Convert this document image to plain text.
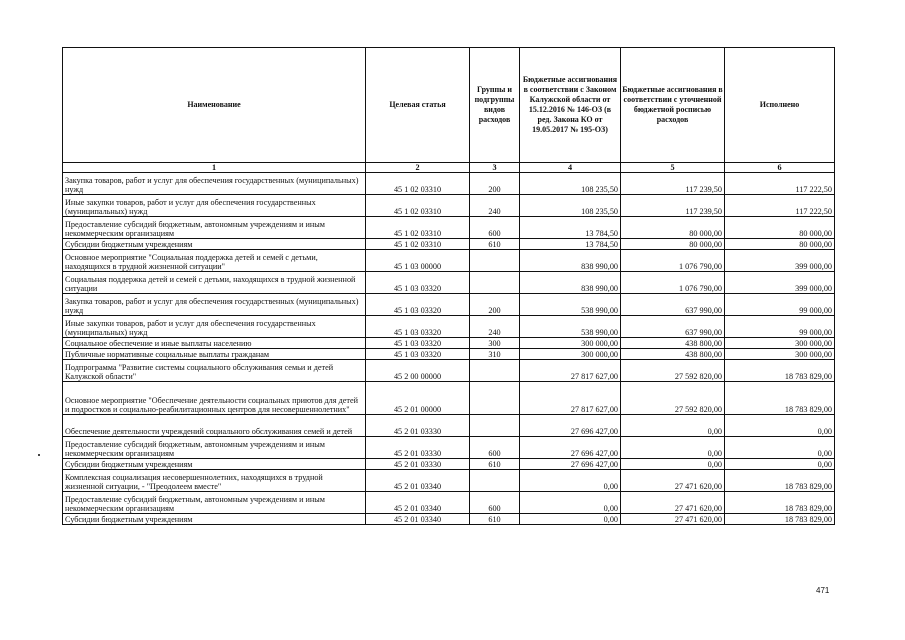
Наименование	Целевая статья	Группы и подгруппы видов расходов	Бюджетные ассигнования в соответствии с Законом Калужской области от 15.12.2016 № 146-ОЗ (в ред. Закона КО от 19.05.2017 № 195-ОЗ)	Бюджетные ассигнования в соответствии с уточненной бюджетной росписью расходов	Исполнено
1	2	3	4	5	6
Закупка товаров, работ и услуг для обеспечения государственных (муниципальных) нужд	45 1 02 03310	200	108 235,50	117 239,50	117 222,50
Иные закупки товаров, работ и услуг для обеспечения государственных (муниципальных) нужд	45 1 02 03310	240	108 235,50	117 239,50	117 222,50
Предоставление субсидий бюджетным, автономным учреждениям и иным некоммерческим организациям	45 1 02 03310	600	13 784,50	80 000,00	80 000,00
Субсидии бюджетным учреждениям	45 1 02 03310	610	13 784,50	80 000,00	80 000,00
Основное мероприятие "Социальная поддержка детей и семей с детьми, находящихся в трудной жизненной ситуации"	45 1 03 00000		838 990,00	1 076 790,00	399 000,00
Социальная поддержка детей и семей с детьми, находящихся в трудной жизненной ситуации	45 1 03 03320		838 990,00	1 076 790,00	399 000,00
Закупка товаров, работ и услуг для обеспечения государственных (муниципальных) нужд	45 1 03 03320	200	538 990,00	637 990,00	99 000,00
Иные закупки товаров, работ и услуг для обеспечения государственных (муниципальных) нужд	45 1 03 03320	240	538 990,00	637 990,00	99 000,00
Социальное обеспечение и иные выплаты населению	45 1 03 03320	300	300 000,00	438 800,00	300 000,00
Публичные нормативные социальные выплаты гражданам	45 1 03 03320	310	300 000,00	438 800,00	300 000,00
Подпрограмма "Развитие системы социального обслуживания семьи и детей Калужской области"	45 2 00 00000		27 817 627,00	27 592 820,00	18 783 829,00
Основное мероприятие "Обеспечение деятельности социальных приютов для детей и подростков и социально-реабилитационных центров для несовершеннолетних"	45 2 01 00000		27 817 627,00	27 592 820,00	18 783 829,00
Обеспечение деятельности учреждений социального обслуживания семей и детей	45 2 01 03330		27 696 427,00	0,00	0,00
Предоставление субсидий бюджетным, автономным учреждениям и иным некоммерческим организациям	45 2 01 03330	600	27 696 427,00	0,00	0,00
Субсидии бюджетным учреждениям	45 2 01 03330	610	27 696 427,00	0,00	0,00
Комплексная социализация несовершеннолетних, находящихся в трудной жизненной ситуации, - "Преодолеем вместе"	45 2 01 03340		0,00	27 471 620,00	18 783 829,00
Предоставление субсидий бюджетным, автономным учреждениям и иным некоммерческим организациям	45 2 01 03340	600	0,00	27 471 620,00	18 783 829,00
Субсидии бюджетным учреждениям	45 2 01 03340	610	0,00	27 471 620,00	18 783 829,00
471
